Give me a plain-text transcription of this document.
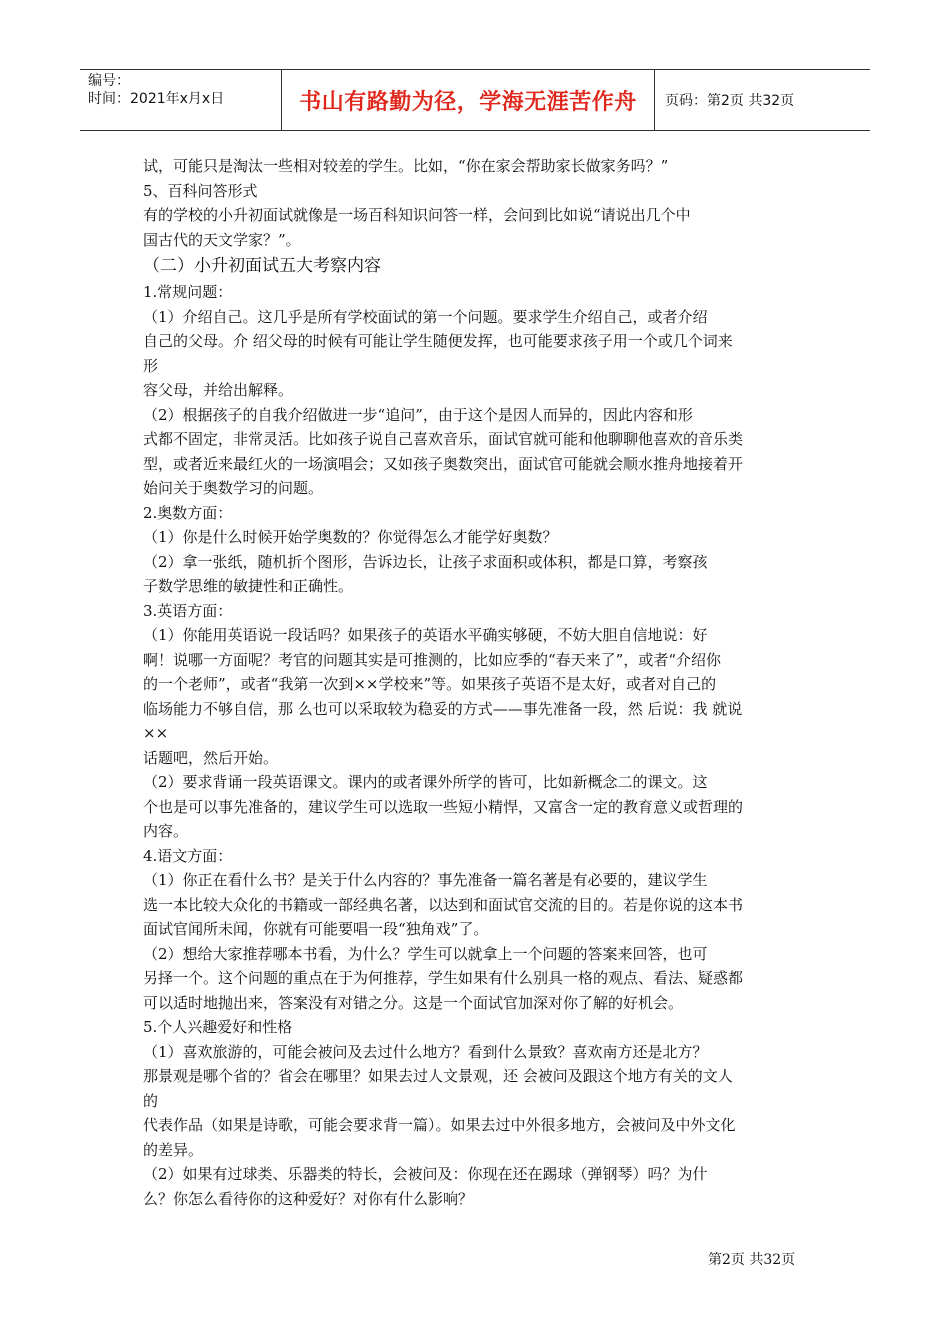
编号：
时间：2021年x月x日	书山有路勤为径，学海无涯苦作舟	页码：第2页 共32页

试，可能只是淘汰一些相对较差的学生。比如，“你在家会帮助家长做家务吗？”

5、百科问答形式

有的学校的小升初面试就像是一场百科知识问答一样，会问到比如说“请说出几个中

国古代的天文学家？”。

（二）小升初面试五大考察内容

1.常规问题：

（1）介绍自己。这几乎是所有学校面试的第一个问题。要求学生介绍自己，或者介绍

自己的父母。介 绍父母的时候有可能让学生随便发挥，也可能要求孩子用一个或几个词来

形

容父母，并给出解释。

（2）根据孩子的自我介绍做进一步“追问”，由于这个是因人而异的，因此内容和形

式都不固定，非常灵活。比如孩子说自己喜欢音乐，面试官就可能和他聊聊他喜欢的音乐类

型，或者近来最红火的一场演唱会；又如孩子奥数突出，面试官可能就会顺水推舟地接着开

始问关于奥数学习的问题。

2.奥数方面：

（1）你是什么时候开始学奥数的？你觉得怎么才能学好奥数？

（2）拿一张纸，随机折个图形，告诉边长，让孩子求面积或体积，都是口算，考察孩

子数学思维的敏捷性和正确性。

3.英语方面：

（1）你能用英语说一段话吗？如果孩子的英语水平确实够硬，不妨大胆自信地说：好

啊！说哪一方面呢？考官的问题其实是可推测的，比如应季的“春天来了”，或者“介绍你

的一个老师”，或者“我第一次到××学校来”等。如果孩子英语不是太好，或者对自己的

临场能力不够自信，那 么也可以采取较为稳妥的方式——事先准备一段，然 后说：我 就说

××

话题吧，然后开始。

（2）要求背诵一段英语课文。课内的或者课外所学的皆可，比如新概念二的课文。这

个也是可以事先准备的，建议学生可以选取一些短小精悍，又富含一定的教育意义或哲理的

内容。

4.语文方面：

（1）你正在看什么书？是关于什么内容的？事先准备一篇名著是有必要的，建议学生

选一本比较大众化的书籍或一部经典名著，以达到和面试官交流的目的。若是你说的这本书

面试官闻所未闻，你就有可能要唱一段“独角戏”了。

（2）想给大家推荐哪本书看，为什么？学生可以就拿上一个问题的答案来回答，也可

另择一个。这个问题的重点在于为何推荐，学生如果有什么别具一格的观点、看法、疑惑都

可以适时地抛出来，答案没有对错之分。这是一个面试官加深对你了解的好机会。

5.个人兴趣爱好和性格

（1）喜欢旅游的，可能会被问及去过什么地方？看到什么景致？喜欢南方还是北方？

那景观是哪个省的？省会在哪里？如果去过人文景观，还 会被问及跟这个地方有关的文人

的

代表作品（如果是诗歌，可能会要求背一篇）。如果去过中外很多地方，会被问及中外文化

的差异。

（2）如果有过球类、乐器类的特长，会被问及：你现在还在踢球（弹钢琴）吗？为什

么？你怎么看待你的这种爱好？对你有什么影响？

第2页 共32页
